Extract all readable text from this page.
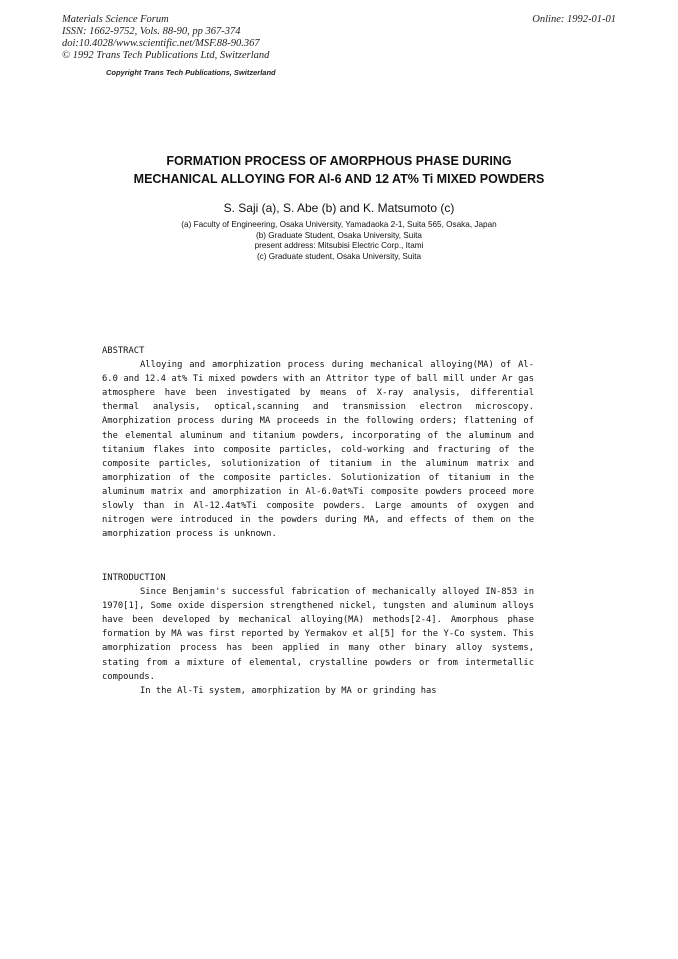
Materials Science Forum
ISSN: 1662-9752, Vols. 88-90, pp 367-374
doi:10.4028/www.scientific.net/MSF.88-90.367
© 1992 Trans Tech Publications Ltd, Switzerland
Online: 1992-01-01
Copyright Trans Tech Publications, Switzerland
FORMATION PROCESS OF AMORPHOUS PHASE DURING
MECHANICAL ALLOYING FOR Al-6 AND 12 AT% Ti MIXED POWDERS
S. Saji (a), S. Abe (b) and K. Matsumoto (c)
(a) Faculty of Engineering, Osaka University, Yamadaoka 2-1, Suita 565, Osaka, Japan
(b) Graduate Student, Osaka University, Suita
present address: Mitsubisi Electric Corp., Itami
(c) Graduate student, Osaka University, Suita
ABSTRACT

Alloying and amorphization process during mechanical alloying(MA) of Al-6.0 and 12.4 at% Ti mixed powders with an Attritor type of ball mill under Ar gas atmosphere have been investigated by means of X-ray analysis, differential thermal analysis, optical,scanning and transmission electron microscopy. Amorphization process during MA proceeds in the following orders; flattening of the elemental aluminum and titanium powders, incorporating of the aluminum and titanium flakes into composite particles, cold-working and fracturing of the composite particles, solutionization of titanium in the aluminum matrix and amorphization of the composite particles. Solutionization of titanium in the aluminum matrix and amorphization in Al-6.0at%Ti composite powders proceed more slowly than in Al-12.4at%Ti composite powders. Large amounts of oxygen and nitrogen were introduced in the powders during MA, and effects of them on the amorphization process is unknown.

INTRODUCTION

Since Benjamin's successful fabrication of mechanically alloyed IN-853 in 1970[1], Some oxide dispersion strengthened nickel, tungsten and aluminum alloys have been developed by mechanical alloying(MA) methods[2-4]. Amorphous phase formation by MA was first reported by Yermakov et al[5] for the Y-Co system. This amorphization process has been applied in many other binary alloy systems, stating from a mixture of elemental, crystalline powders or from intermetallic compounds.

In the Al-Ti system, amorphization by MA or grinding has
